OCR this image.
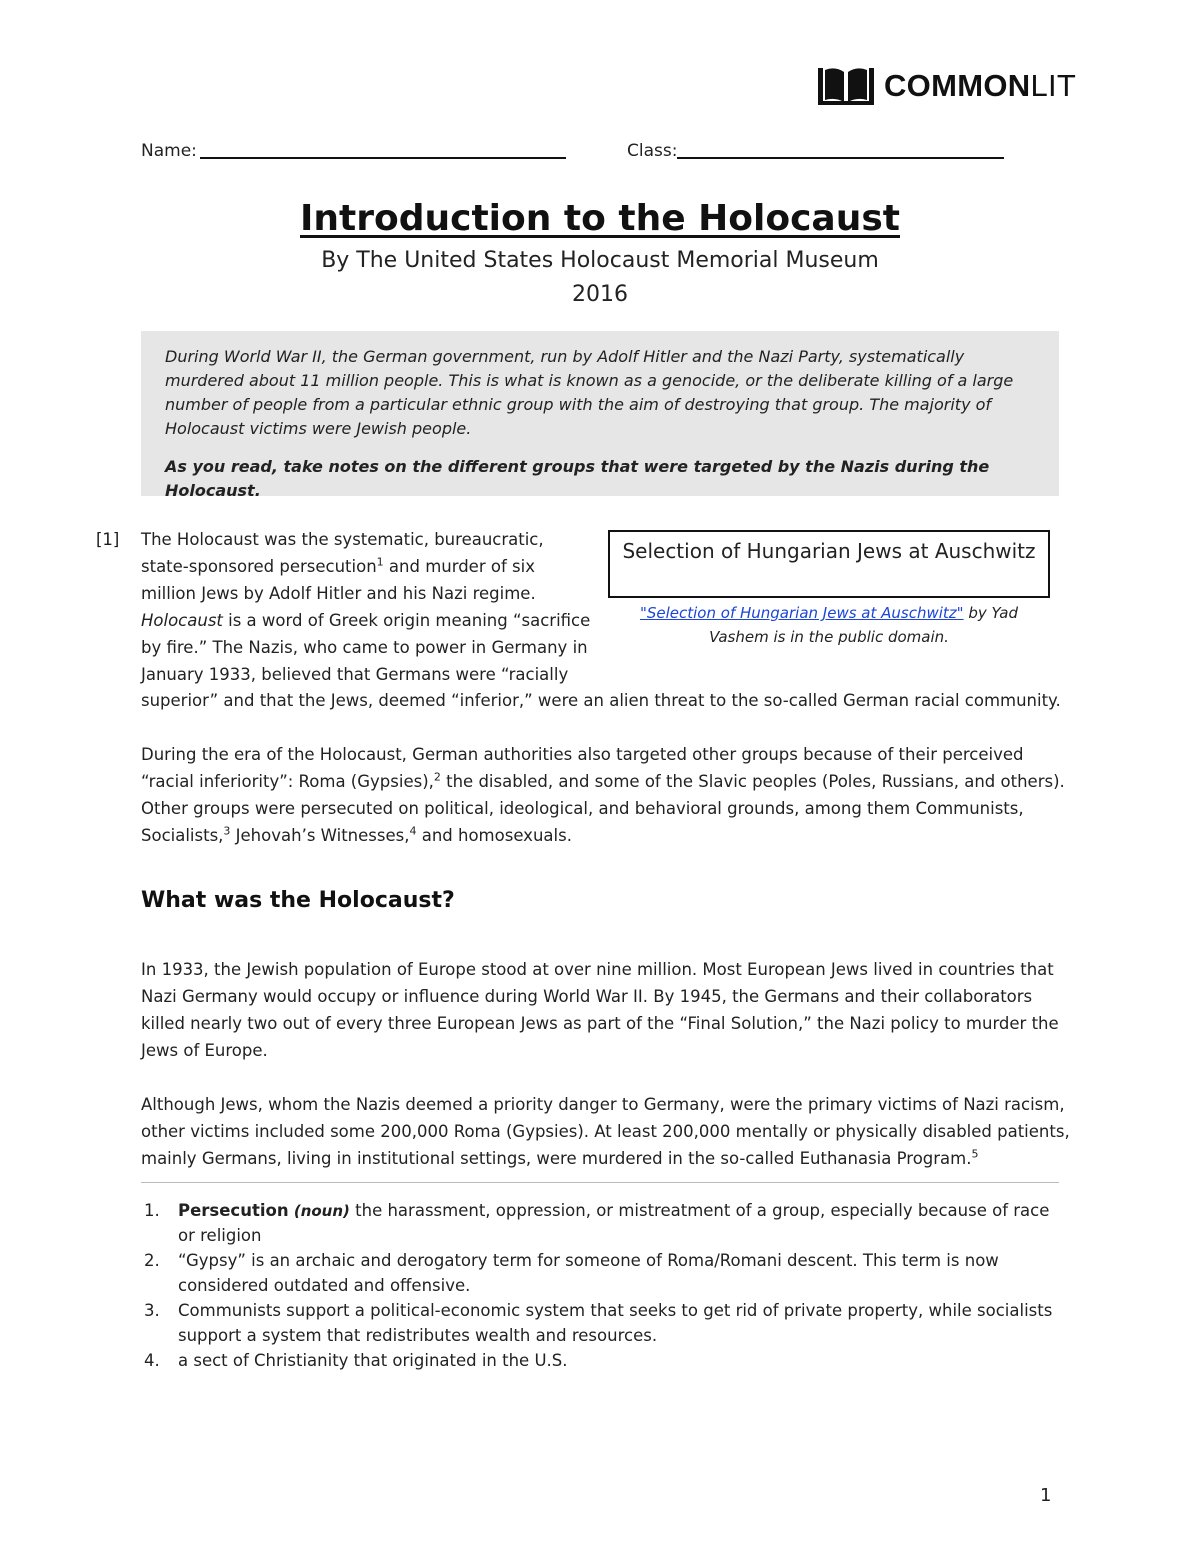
COMMONLIT
Name:	Class:
Introduction to the Holocaust
By The United States Holocaust Memorial Museum
2016

During World War II, the German government, run by Adolf Hitler and the Nazi Party, systematically murdered about 11 million people. This is what is known as a genocide, or the deliberate killing of a large number of people from a particular ethnic group with the aim of destroying that group. The majority of Holocaust victims were Jewish people.

As you read, take notes on the different groups that were targeted by the Nazis during the Holocaust.

[1] The Holocaust was the systematic, bureaucratic, state-sponsored persecution$^1$ and murder of six million Jews by Adolf Hitler and his Nazi regime. Holocaust is a word of Greek origin meaning “sacrifice by fire.” The Nazis, who came to power in Germany in January 1933, believed that Germans were “racially
superior” and that the Jews, deemed “inferior,” were an alien threat to the so-called German racial community.
Selection of Hungarian Jews at Auschwitz
"Selection of Hungarian Jews at Auschwitz" by Yad Vashem is in the public domain.
During the era of the Holocaust, German authorities also targeted other groups because of their perceived “racial inferiority”: Roma (Gypsies),$^2$ the disabled, and some of the Slavic peoples (Poles, Russians, and others). Other groups were persecuted on political, ideological, and behavioral grounds, among them Communists, Socialists,$^3$ Jehovah’s Witnesses,$^4$ and homosexuals.
What was the Holocaust?
In 1933, the Jewish population of Europe stood at over nine million. Most European Jews lived in countries that Nazi Germany would occupy or influence during World War II. By 1945, the Germans and their collaborators killed nearly two out of every three European Jews as part of the “Final Solution,” the Nazi policy to murder the Jews of Europe.
Although Jews, whom the Nazis deemed a priority danger to Germany, were the primary victims of Nazi racism, other victims included some 200,000 Roma (Gypsies). At least 200,000 mentally or physically disabled patients, mainly Germans, living in institutional settings, were murdered in the so-called Euthanasia Program.$^5$
1. Persecution (noun) the harassment, oppression, or mistreatment of a group, especially because of race or religion
2. “Gypsy” is an archaic and derogatory term for someone of Roma/Romani descent. This term is now considered outdated and offensive.
3. Communists support a political-economic system that seeks to get rid of private property, while socialists support a system that redistributes wealth and resources.
4. a sect of Christianity that originated in the U.S.
1
